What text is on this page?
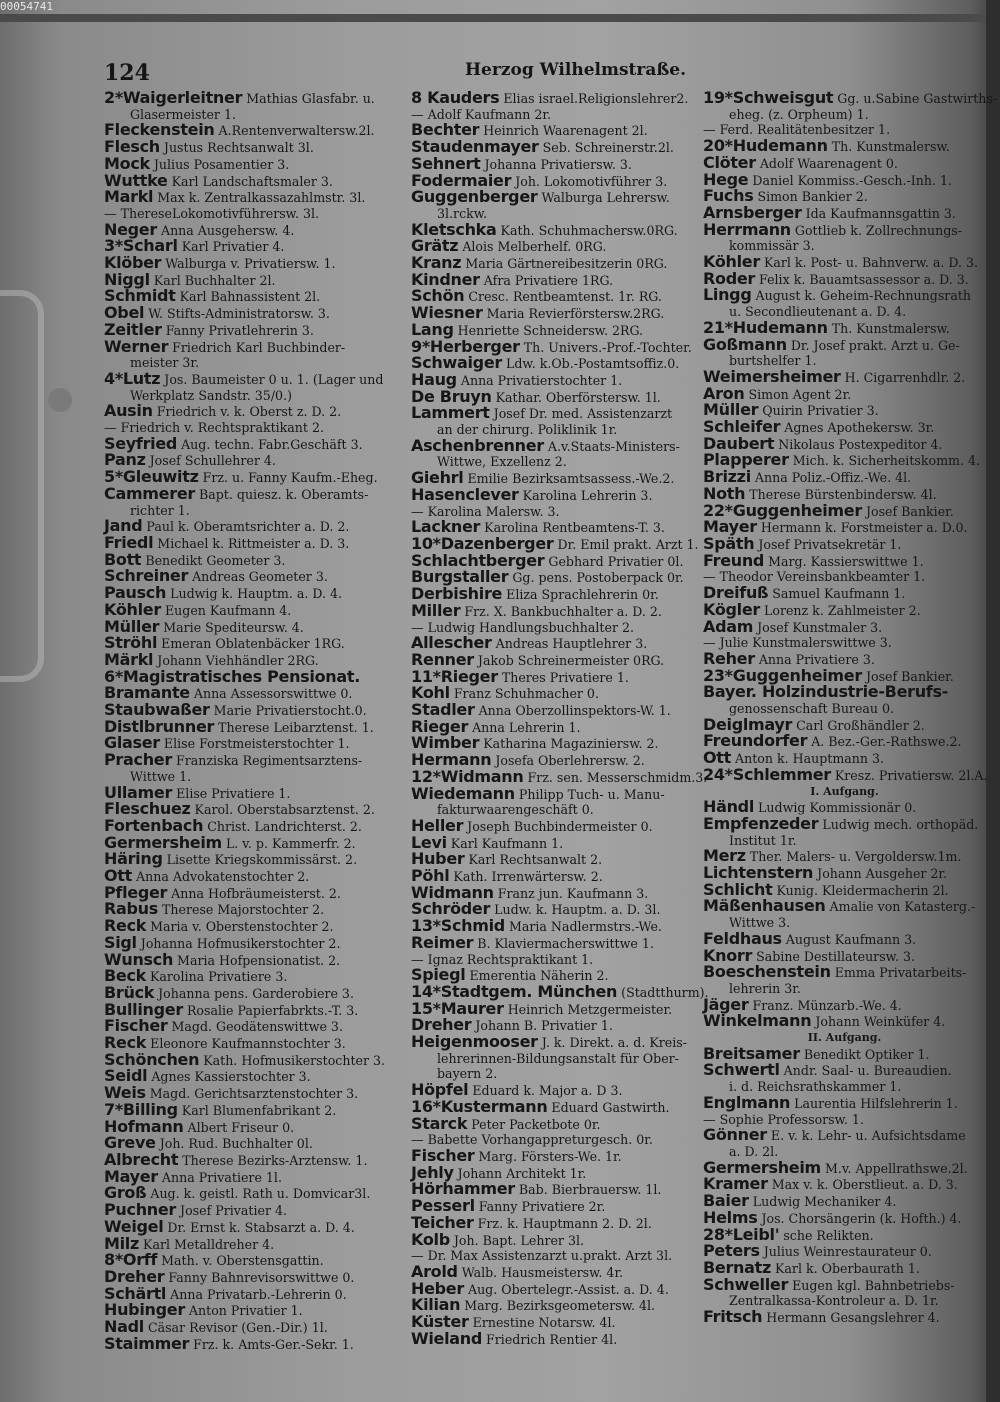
00054741
124	Herzog Wilhelmstraße.
2*Waigerleitner Mathias Glasfabr. u.
Glasermeister 1.
Fleckenstein A.Rentenverwaltersw.2l.
Flesch Justus Rechtsanwalt 3l.
Mock Julius Posamentier 3.
Wuttke Karl Landschaftsmaler 3.
Markl Max k. Zentralkassazahlmstr. 3l.
— ThereseLokomotivführersw. 3l.
Neger Anna Ausgehersw. 4.
3*Scharl Karl Privatier 4.
Klöber Walburga v. Privatiersw. 1.
Niggl Karl Buchhalter 2l.
Schmidt Karl Bahnassistent 2l.
Obel W. Stifts-Administratorsw. 3.
Zeitler Fanny Privatlehrerin 3.
Werner Friedrich Karl Buchbinder-
meister 3r.
4*Lutz Jos. Baumeister 0 u. 1. (Lager und
Werkplatz Sandstr. 35/0.)
Ausin Friedrich v. k. Oberst z. D. 2.
— Friedrich v. Rechtspraktikant 2.
Seyfried Aug. techn. Fabr.Geschäft 3.
Panz Josef Schullehrer 4.
5*Gleuwitz Frz. u. Fanny Kaufm.-Eheg.
Cammerer Bapt. quiesz. k. Oberamts-
richter 1.
Jand Paul k. Oberamtsrichter a. D. 2.
Friedl Michael k. Rittmeister a. D. 3.
Bott Benedikt Geometer 3.
Schreiner Andreas Geometer 3.
Pausch Ludwig k. Hauptm. a. D. 4.
Köhler Eugen Kaufmann 4.
Müller Marie Spediteursw. 4.
Ströhl Emeran Oblatenbäcker 1RG.
Märkl Johann Viehhändler 2RG.
6*Magistratisches Pensionat.
Bramante Anna Assessorswittwe 0.
Staubwaßer Marie Privatierstocht.0.
Distlbrunner Therese Leibarztenst. 1.
Glaser Elise Forstmeisterstochter 1.
Pracher Franziska Regimentsarztens-
Wittwe 1.
Ullamer Elise Privatiere 1.
Fleschuez Karol. Oberstabsarztenst. 2.
Fortenbach Christ. Landrichterst. 2.
Germersheim L. v. p. Kammerfr. 2.
Häring Lisette Kriegskommissärst. 2.
Ott Anna Advokatenstochter 2.
Pfleger Anna Hofbräumeisterst. 2.
Rabus Therese Majorstochter 2.
Reck Maria v. Oberstenstochter 2.
Sigl Johanna Hofmusikerstochter 2.
Wunsch Maria Hofpensionatist. 2.
Beck Karolina Privatiere 3.
Brück Johanna pens. Garderobiere 3.
Bullinger Rosalie Papierfabrkts.-T. 3.
Fischer Magd. Geodätenswittwe 3.
Reck Eleonore Kaufmannstochter 3.
Schönchen Kath. Hofmusikerstochter 3.
Seidl Agnes Kassierstochter 3.
Weis Magd. Gerichtsarztenstochter 3.
7*Billing Karl Blumenfabrikant 2.
Hofmann Albert Friseur 0.
Greve Joh. Rud. Buchhalter 0l.
Albrecht Therese Bezirks-Arztensw. 1.
Mayer Anna Privatiere 1l.
Groß Aug. k. geistl. Rath u. Domvicar3l.
Puchner Josef Privatier 4.
Weigel Dr. Ernst k. Stabsarzt a. D. 4.
Milz Karl Metalldreher 4.
8*Orff Math. v. Oberstensgattin.
Dreher Fanny Bahnrevisorswittwe 0.
Schärtl Anna Privatarb.-Lehrerin 0.
Hubinger Anton Privatier 1.
Nadl Cäsar Revisor (Gen.-Dir.) 1l.
Staimmer Frz. k. Amts-Ger.-Sekr. 1.
8 Kauders Elias israel.Religionslehrer2.
— Adolf Kaufmann 2r.
Bechter Heinrich Waarenagent 2l.
Staudenmayer Seb. Schreinerstr.2l.
Sehnert Johanna Privatiersw. 3.
Fodermaier Joh. Lokomotivführer 3.
Guggenberger Walburga Lehrersw.
3l.rckw.
Kletschka Kath. Schuhmachersw.0RG.
Grätz Alois Melberhelf. 0RG.
Kranz Maria Gärtnereibesitzerin 0RG.
Kindner Afra Privatiere 1RG.
Schön Cresc. Rentbeamtenst. 1r. RG.
Wiesner Maria Revierförstersw.2RG.
Lang Henriette Schneidersw. 2RG.
9*Herberger Th. Univers.-Prof.-Tochter.
Schwaiger Ldw. k.Ob.-Postamtsoffiz.0.
Haug Anna Privatierstochter 1.
De Bruyn Kathar. Oberförstersw. 1l.
Lammert Josef Dr. med. Assistenzarzt
an der chirurg. Poliklinik 1r.
Aschenbrenner A.v.Staats-Ministers-
Wittwe, Exzellenz 2.
Giehrl Emilie Bezirksamtsassess.-We.2.
Hasenclever Karolina Lehrerin 3.
— Karolina Malersw. 3.
Lackner Karolina Rentbeamtens-T. 3.
10*Dazenberger Dr. Emil prakt. Arzt 1.
Schlachtberger Gebhard Privatier 0l.
Burgstaller Gg. pens. Postoberpack 0r.
Derbishire Eliza Sprachlehrerin 0r.
Miller Frz. X. Bankbuchhalter a. D. 2.
— Ludwig Handlungsbuchhalter 2.
Allescher Andreas Hauptlehrer 3.
Renner Jakob Schreinermeister 0RG.
11*Rieger Theres Privatiere 1.
Kohl Franz Schuhmacher 0.
Stadler Anna Oberzollinspektors-W. 1.
Rieger Anna Lehrerin 1.
Wimber Katharina Magaziniersw. 2.
Hermann Josefa Oberlehrersw. 2.
12*Widmann Frz. sen. Messerschmidm.3.
Wiedemann Philipp Tuch- u. Manu-
fakturwaarengeschäft 0.
Heller Joseph Buchbindermeister 0.
Levi Karl Kaufmann 1.
Huber Karl Rechtsanwalt 2.
Pöhl Kath. Irrenwärtersw. 2.
Widmann Franz jun. Kaufmann 3.
Schröder Ludw. k. Hauptm. a. D. 3l.
13*Schmid Maria Nadlermstrs.-We.
Reimer B. Klaviermacherswittwe 1.
— Ignaz Rechtspraktikant 1.
Spiegl Emerentia Näherin 2.
14*Stadtgem. München (Stadtthurm).
15*Maurer Heinrich Metzgermeister.
Dreher Johann B. Privatier 1.
Heigenmooser J. k. Direkt. a. d. Kreis-
lehrerinnen-Bildungsanstalt für Ober-
bayern 2.
Höpfel Eduard k. Major a. D 3.
16*Kustermann Eduard Gastwirth.
Starck Peter Packetbote 0r.
— Babette Vorhangappreturgesch. 0r.
Fischer Marg. Försters-We. 1r.
Jehly Johann Architekt 1r.
Hörhammer Bab. Bierbrauersw. 1l.
Pesserl Fanny Privatiere 2r.
Teicher Frz. k. Hauptmann 2. D. 2l.
Kolb Joh. Bapt. Lehrer 3l.
— Dr. Max Assistenzarzt u.prakt. Arzt 3l.
Arold Walb. Hausmeistersw. 4r.
Heber Aug. Obertelegr.-Assist. a. D. 4.
Kilian Marg. Bezirksgeometersw. 4l.
Küster Ernestine Notarsw. 4l.
Wieland Friedrich Rentier 4l.
19*Schweisgut Gg. u.Sabine Gastwirths-
eheg. (z. Orpheum) 1.
— Ferd. Realitätenbesitzer 1.
20*Hudemann Th. Kunstmalersw.
Clöter Adolf Waarenagent 0.
Hege Daniel Kommiss.-Gesch.-Inh. 1.
Fuchs Simon Bankier 2.
Arnsberger Ida Kaufmannsgattin 3.
Herrmann Gottlieb k. Zollrechnungs-
kommissär 3.
Köhler Karl k. Post- u. Bahnverw. a. D. 3.
Roder Felix k. Bauamtsassessor a. D. 3.
Lingg August k. Geheim-Rechnungsrath
u. Secondlieutenant a. D. 4.
21*Hudemann Th. Kunstmalersw.
Goßmann Dr. Josef prakt. Arzt u. Ge-
burtshelfer 1.
Weimersheimer H. Cigarrenhdlr. 2.
Aron Simon Agent 2r.
Müller Quirin Privatier 3.
Schleifer Agnes Apothekersw. 3r.
Daubert Nikolaus Postexpeditor 4.
Plapperer Mich. k. Sicherheitskomm. 4.
Brizzi Anna Poliz.-Offiz.-We. 4l.
Noth Therese Bürstenbindersw. 4l.
22*Guggenheimer Josef Bankier.
Mayer Hermann k. Forstmeister a. D.0.
Späth Josef Privatsekretär 1.
Freund Marg. Kassierswittwe 1.
— Theodor Vereinsbankbeamter 1.
Dreifuß Samuel Kaufmann 1.
Kögler Lorenz k. Zahlmeister 2.
Adam Josef Kunstmaler 3.
— Julie Kunstmalerswittwe 3.
Reher Anna Privatiere 3.
23*Guggenheimer Josef Bankier.
Bayer. Holzindustrie-Berufs-
genossenschaft Bureau 0.
Deiglmayr Carl Großhändler 2.
Freundorfer A. Bez.-Ger.-Rathswe.2.
Ott Anton k. Hauptmann 3.
24*Schlemmer Kresz. Privatiersw. 2l.A.
I. Aufgang.
Händl Ludwig Kommissionär 0.
Empfenzeder Ludwig mech. orthopäd.
Institut 1r.
Merz Ther. Malers- u. Vergoldersw.1m.
Lichtenstern Johann Ausgeher 2r.
Schlicht Kunig. Kleidermacherin 2l.
Mäßenhausen Amalie von Katasterg.-
Wittwe 3.
Feldhaus August Kaufmann 3.
Knorr Sabine Destillateursw. 3.
Boeschenstein Emma Privatarbeits-
lehrerin 3r.
Jäger Franz. Münzarb.-We. 4.
Winkelmann Johann Weinküfer 4.
II. Aufgang.
Breitsamer Benedikt Optiker 1.
Schwertl Andr. Saal- u. Bureaudien.
i. d. Reichsrathskammer 1.
Englmann Laurentia Hilfslehrerin 1.
— Sophie Professorsw. 1.
Gönner E. v. k. Lehr- u. Aufsichtsdame
a. D. 2l.
Germersheim M.v. Appellrathswe.2l.
Kramer Max v. k. Oberstlieut. a. D. 3.
Baier Ludwig Mechaniker 4.
Helms Jos. Chorsängerin (k. Hofth.) 4.
28*Leibl' sche Relikten.
Peters Julius Weinrestaurateur 0.
Bernatz Karl k. Oberbaurath 1.
Schweller Eugen kgl. Bahnbetriebs-
Zentralkassa-Kontroleur a. D. 1r.
Fritsch Hermann Gesangslehrer 4.
